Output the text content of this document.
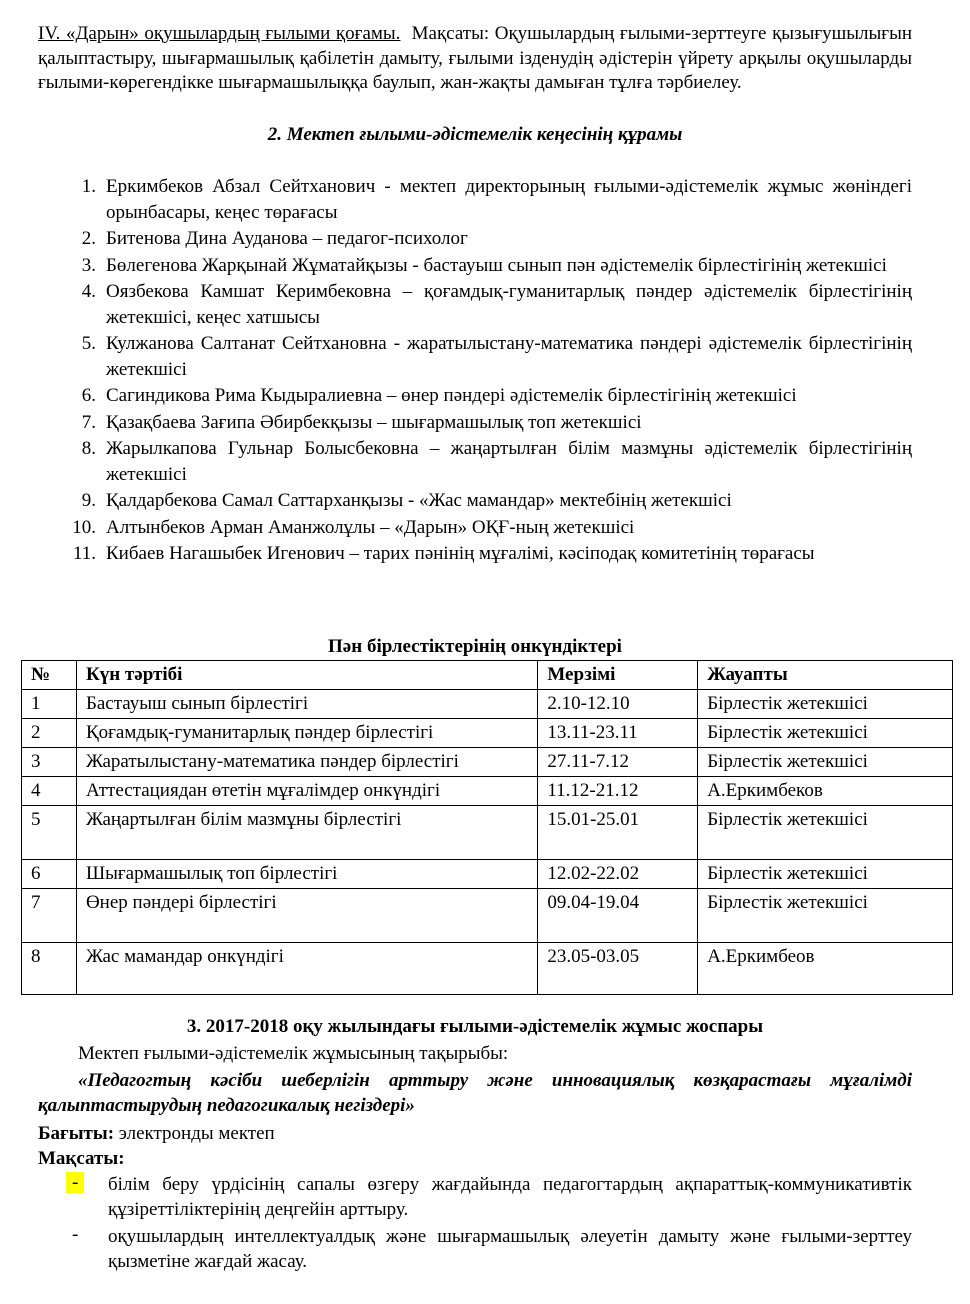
IV. «Дарын» оқушылардың ғылыми қоғамы. Мақсаты: Оқушылардың ғылыми-зерттеуге қызығушылығын қалыптастыру, шығармашылық қабілетін дамыту, ғылыми ізденудің әдістерін үйрету арқылы оқушыларды ғылыми-көрегендікке шығармашылыққа баулып, жан-жақты дамыған тұлға тәрбиелеу.
2. Мектеп ғылыми-әдістемелік кеңесінің құрамы
1. Еркимбеков Абзал Сейтханович - мектеп директорының ғылыми-әдістемелік жұмыс жөніндегі орынбасары, кеңес төрағасы
2. Битенова Дина Ауданова – педагог-психолог
3. Бөлегенова Жарқынай Жұматайқызы - бастауыш сынып пән әдістемелік бірлестігінің жетекшісі
4. Оязбекова Камшат Керимбековна – қоғамдық-гуманитарлық пәндер әдістемелік бірлестігінің жетекшісі, кеңес хатшысы
5. Кулжанова Салтанат Сейтхановна - жаратылыстану-математика пәндері әдістемелік бірлестігінің жетекшісі
6. Сагиндикова Рима Кыдыралиевна – өнер пәндері әдістемелік бірлестігінің жетекшісі
7. Қазақбаева Зағипа Әбирбекқызы – шығармашылық топ жетекшісі
8. Жарылкапова Гульнар Болысбековна – жаңартылған білім мазмұны әдістемелік бірлестігінің жетекшісі
9. Қалдарбекова Самал Саттарханқызы - «Жас мамандар» мектебінің жетекшісі
10. Алтынбеков Арман Аманжолұлы – «Дарын» ОҚҒ-ның жетекшісі
11. Кибаев Нагашыбек Игенович – тарих пәнінің мұғалімі, кәсіподақ комитетінің төрағасы
Пән бірлестіктерінің онкүндіктері
№	Күн тәртібі	Мерзімі	Жауапты
1	Бастауыш сынып бірлестігі	2.10-12.10	Бірлестік жетекшісі
2	Қоғамдық-гуманитарлық пәндер бірлестігі	13.11-23.11	Бірлестік жетекшісі
3	Жаратылыстану-математика пәндер бірлестігі	27.11-7.12	Бірлестік жетекшісі
4	Аттестациядан өтетін мұғалімдер онкүндігі	11.12-21.12	А.Еркимбеков
5	Жаңартылған білім мазмұны бірлестігі	15.01-25.01	Бірлестік жетекшісі
6	Шығармашылық топ бірлестігі	12.02-22.02	Бірлестік жетекшісі
7	Өнер пәндері бірлестігі	09.04-19.04	Бірлестік жетекшісі
8	Жас мамандар онкүндігі	23.05-03.05	А.Еркимбеов
3. 2017-2018 оқу жылындағы ғылыми-әдістемелік жұмыс жоспары
Мектеп ғылыми-әдістемелік жұмысының тақырыбы:
«Педагогтың кәсіби шеберлігін арттыру және инновациялық көзқарастағы мұғалімді қалыптастырудың педагогикалық негіздері»
Бағыты: электронды мектеп
Мақсаты:
-	білім беру үрдісінің сапалы өзгеру жағдайында педагогтардың ақпараттық-коммуникативтік құзіреттіліктерінің деңгейін арттыру.
- оқушылардың интеллектуалдық және шығармашылық әлеуетін дамыту және ғылыми-зерттеу қызметіне жағдай жасау.
